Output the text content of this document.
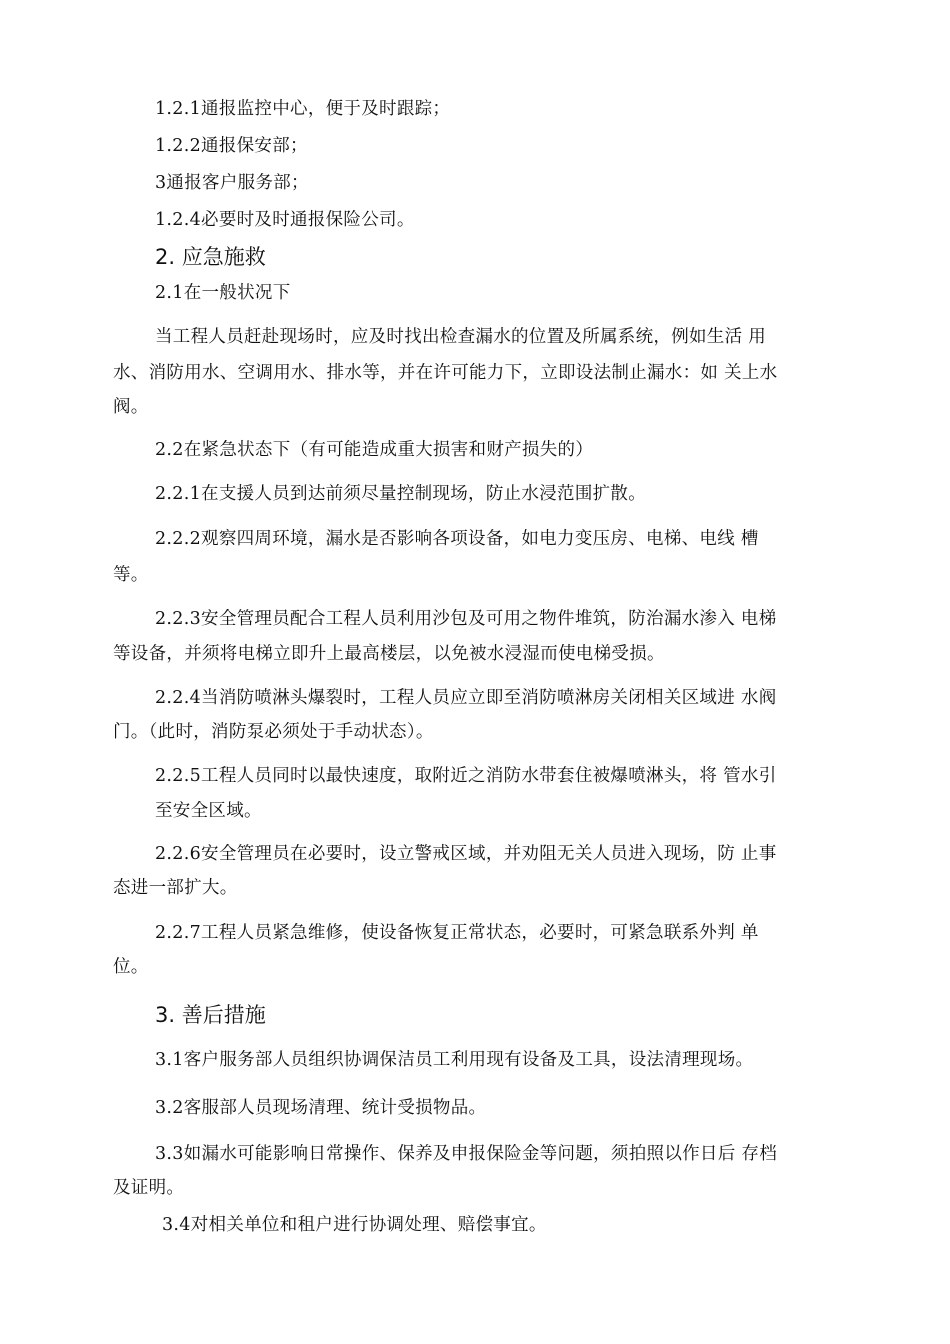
1.2.1通报监控中心，便于及时跟踪；
1.2.2通报保安部；
3通报客户服务部；
1.2.4必要时及时通报保险公司。
2. 应急施救
2.1在一般状况下
当工程人员赶赴现场时，应及时找出检查漏水的位置及所属系统，例如生活 用
水、消防用水、空调用水、排水等，并在许可能力下，立即设法制止漏水：如 关上水
阀。
2.2在紧急状态下（有可能造成重大损害和财产损失的）
2.2.1在支援人员到达前须尽量控制现场，防止水浸范围扩散。
2.2.2观察四周环境，漏水是否影响各项设备，如电力变压房、电梯、电线 槽
等。
2.2.3安全管理员配合工程人员利用沙包及可用之物件堆筑，防治漏水渗入 电梯
等设备，并须将电梯立即升上最高楼层，以免被水浸湿而使电梯受损。
2.2.4当消防喷淋头爆裂时，工程人员应立即至消防喷淋房关闭相关区域进 水阀
门。（此时，消防泵必须处于手动状态）。
2.2.5工程人员同时以最快速度，取附近之消防水带套住被爆喷淋头，将 管水引
至安全区域。
2.2.6安全管理员在必要时，设立警戒区域，并劝阻无关人员进入现场，防 止事
态进一部扩大。
2.2.7工程人员紧急维修，使设备恢复正常状态，必要时，可紧急联系外判 单
位。
3. 善后措施
3.1客户服务部人员组织协调保洁员工利用现有设备及工具，设法清理现场。
3.2客服部人员现场清理、统计受损物品。
3.3如漏水可能影响日常操作、保养及申报保险金等问题，须拍照以作日后 存档
及证明。
3.4对相关单位和租户进行协调处理、赔偿事宜。
